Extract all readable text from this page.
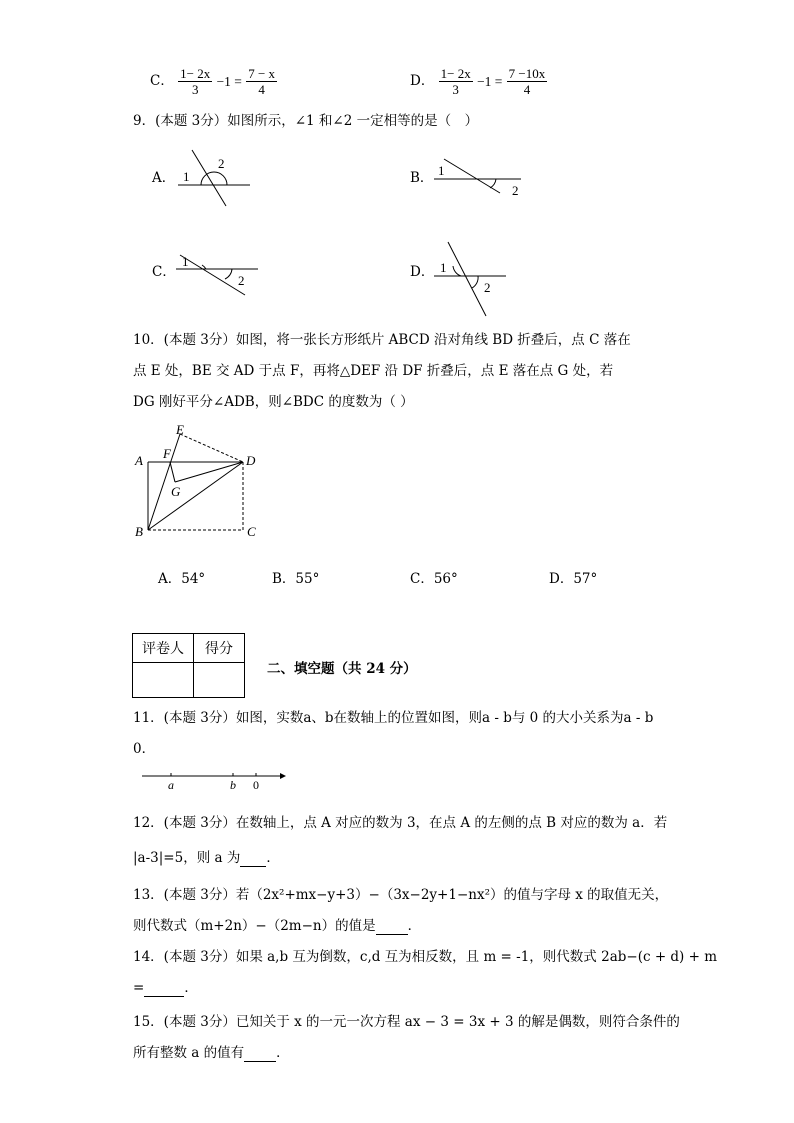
C． $\frac{1- 2x}{3} -1 = \frac{7 - x}{4}$	D． $\frac{1- 2x}{3} -1 = \frac{7 -10x}{4}$
9．(本题 3分）如图所示，∠1 和∠2 一定相等的是（　）
A． 1
2
B． 1
2
C．
1
2
D． 1
2
10．(本题 3分）如图，将一张长方形纸片 ABCD 沿对角线 BD 折叠后，点 C 落在
点 E 处，BE 交 AD 于点 F，再将△DEF 沿 DF 折叠后，点 E 落在点 G 处，若
DG 刚好平分∠ADB，则∠BDC 的度数为（ ）
E
A F	D
G
B	C
A．54°	B．55°	C．56°	D．57°
评卷人	得分

二、填空题（共 24 分）
11．(本题 3分）如图，实数a、b在数轴上的位置如图，则a - b与 0 的大小关系为a - b
0．
a	b 0
12．(本题 3分）在数轴上，点 A 对应的数为 3，在点 A 的左侧的点 B 对应的数为 a．若
|a-3|=5，则 a 为 ．
13．(本题 3分）若（2x²+mx−y+3）−（3x−2y+1−nx²）的值与字母 x 的取值无关，
则代数式（m+2n）−（2m−n）的值是 ．
14．(本题 3分）如果 a,b 互为倒数，c,d 互为相反数，且 m = -1，则代数式 2ab−(c + d) + m
=	．
15．(本题 3分）已知关于 x 的一元一次方程 ax − 3 = 3x + 3 的解是偶数，则符合条件的
所有整数 a 的值有 ．
